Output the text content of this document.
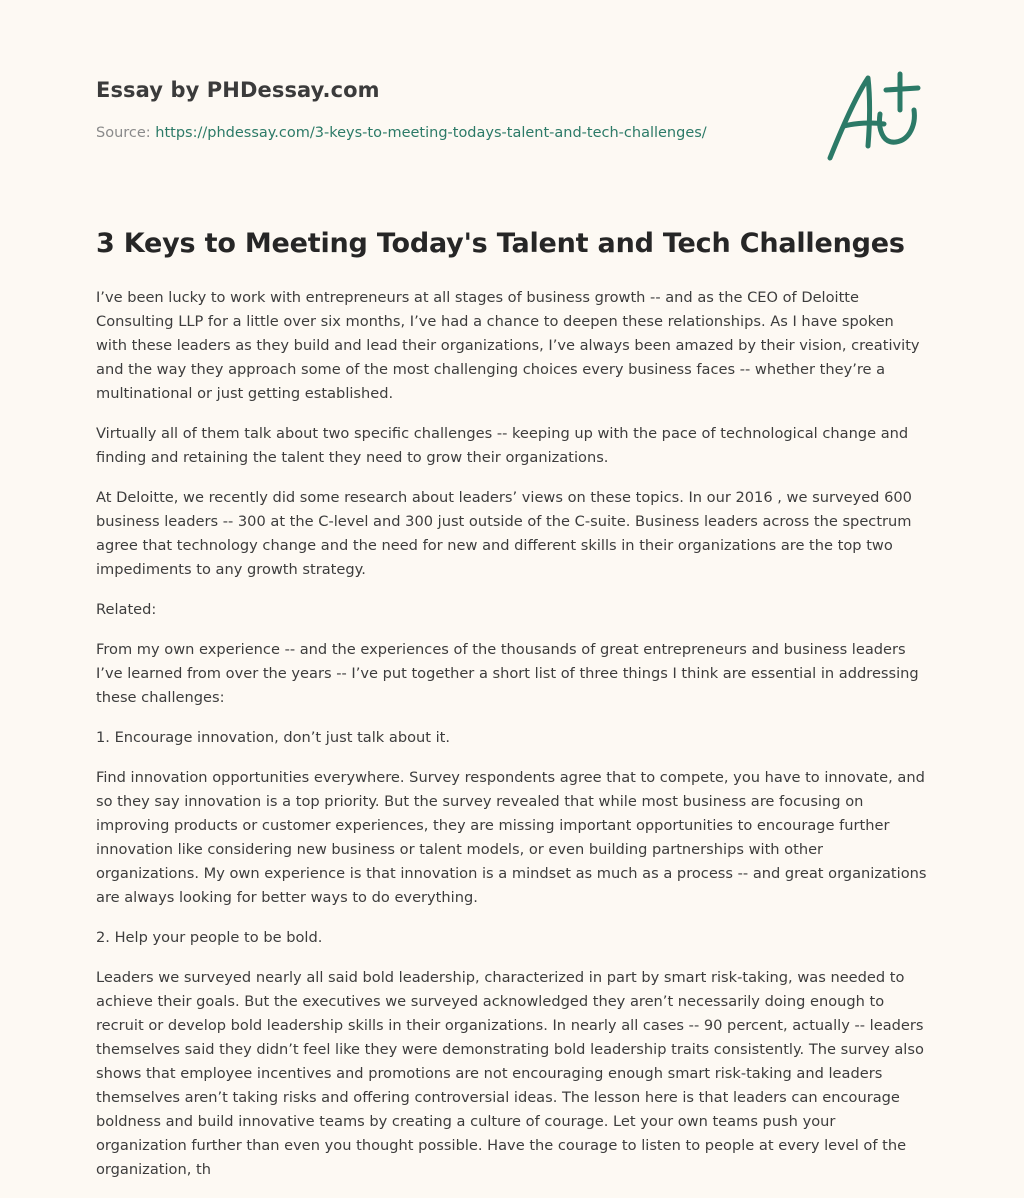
Essay by PHDessay.com
Source: https://phdessay.com/3-keys-to-meeting-todays-talent-and-tech-challenges/
3 Keys to Meeting Today's Talent and Tech Challenges

I’ve been lucky to work with entrepreneurs at all stages of business growth -- and as the CEO of Deloitte Consulting LLP for a little over six months, I’ve had a chance to deepen these relationships. As I have spoken with these leaders as they build and lead their organizations, I’ve always been amazed by their vision, creativity and the way they approach some of the most challenging choices every business faces -- whether they’re a multinational or just getting established.

Virtually all of them talk about two specific challenges -- keeping up with the pace of technological change and finding and retaining the talent they need to grow their organizations.

At Deloitte, we recently did some research about leaders’ views on these topics. In our 2016 , we surveyed 600 business leaders -- 300 at the C-level and 300 just outside of the C-suite. Business leaders across the spectrum agree that technology change and the need for new and different skills in their organizations are the top two impediments to any growth strategy.

Related:

From my own experience -- and the experiences of the thousands of great entrepreneurs and business leaders I’ve learned from over the years -- I’ve put together a short list of three things I think are essential in addressing these challenges:

1. Encourage innovation, don’t just talk about it.

Find innovation opportunities everywhere. Survey respondents agree that to compete, you have to innovate, and so they say innovation is a top priority. But the survey revealed that while most business are focusing on improving products or customer experiences, they are missing important opportunities to encourage further innovation like considering new business or talent models, or even building partnerships with other organizations. My own experience is that innovation is a mindset as much as a process -- and great organizations are always looking for better ways to do everything.

2. Help your people to be bold.

Leaders we surveyed nearly all said bold leadership, characterized in part by smart risk-taking, was needed to achieve their goals. But the executives we surveyed acknowledged they aren’t necessarily doing enough to recruit or develop bold leadership skills in their organizations. In nearly all cases -- 90 percent, actually -- leaders themselves said they didn’t feel like they were demonstrating bold leadership traits consistently. The survey also shows that employee incentives and promotions are not encouraging enough smart risk-taking and leaders themselves aren’t taking risks and offering controversial ideas. The lesson here is that leaders can encourage boldness and build innovative teams by creating a culture of courage. Let your own teams push your organization further than even you thought possible. Have the courage to listen to people at every level of the organization, th
